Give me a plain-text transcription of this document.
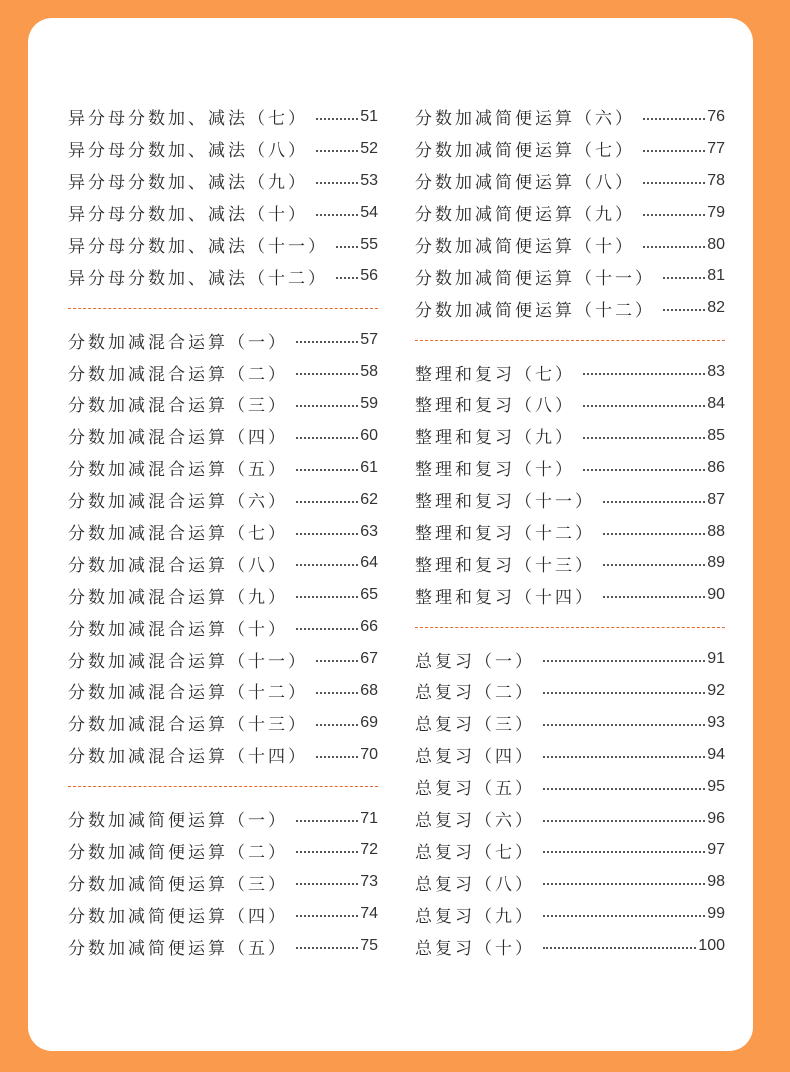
异分母分数加、减法（七）	51
异分母分数加、减法（八）	52
异分母分数加、减法（九）	53
异分母分数加、减法（十）	54
异分母分数加、减法（十一） 55
异分母分数加、减法（十二） 56
分数加减混合运算（一）	57
分数加减混合运算（二）	58
分数加减混合运算（三）	59
分数加减混合运算（四）	60
分数加减混合运算（五）	61
分数加减混合运算（六）	62
分数加减混合运算（七）	63
分数加减混合运算（八）	64
分数加减混合运算（九）	65
分数加减混合运算（十）	66
分数加减混合运算（十一）	67
分数加减混合运算（十二）	68
分数加减混合运算（十三）	69
分数加减混合运算（十四）	70
分数加减简便运算（一）	71
分数加减简便运算（二）	72
分数加减简便运算（三）	73
分数加减简便运算（四）	74
分数加减简便运算（五）	75
分数加减简便运算（六）	76
分数加减简便运算（七）	77
分数加减简便运算（八）	78
分数加减简便运算（九）	79
分数加减简便运算（十）	80
分数加减简便运算（十一）	81
分数加减简便运算（十二）	82
整理和复习（七）	83
整理和复习（八）	84
整理和复习（九）	85
整理和复习（十）	86
整理和复习（十一）	87
整理和复习（十二）	88
整理和复习（十三）	89
整理和复习（十四）	90
总复习（一）	91
总复习（二）	92
总复习（三）	93
总复习（四）	94
总复习（五）	95
总复习（六）	96
总复习（七）	97
总复习（八）	98
总复习（九）	99
总复习（十）	100
